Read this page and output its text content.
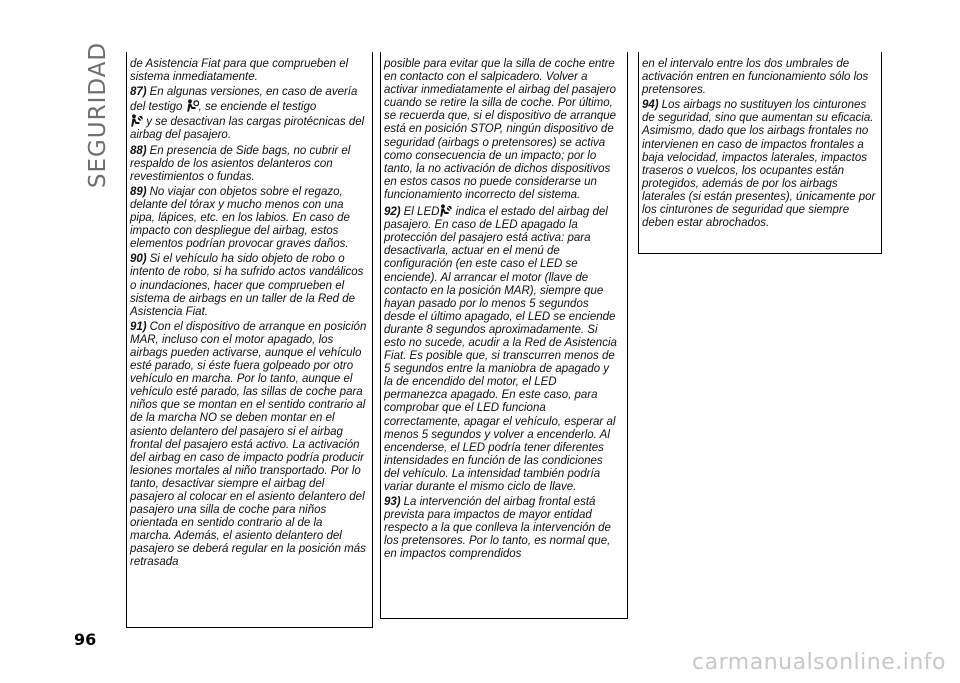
SEGURIDAD
96

de Asistencia Fiat para que comprueben el sistema inmediatamente.

87) En algunas versiones, en caso de avería del testigo , se enciende el testigo
y se desactivan las cargas pirotécnicas del airbag del pasajero.

88) En presencia de Side bags, no cubrir el respaldo de los asientos delanteros con revestimientos o fundas.

89) No viajar con objetos sobre el regazo, delante del tórax y mucho menos con una pipa, lápices, etc. en los labios. En caso de impacto con despliegue del airbag, estos elementos podrían provocar graves daños.

90) Si el vehículo ha sido objeto de robo o intento de robo, si ha sufrido actos vandálicos o inundaciones, hacer que comprueben el sistema de airbags en un taller de la Red de Asistencia Fiat.

91) Con el dispositivo de arranque en posición MAR, incluso con el motor apagado, los airbags pueden activarse, aunque el vehículo esté parado, si éste fuera golpeado por otro vehículo en marcha. Por lo tanto, aunque el vehículo esté parado, las sillas de coche para niños que se montan en el sentido contrario al de la marcha NO se deben montar en el asiento delantero del pasajero si el airbag frontal del pasajero está activo. La activación del airbag en caso de impacto podría producir lesiones mortales al niño transportado. Por lo tanto, desactivar siempre el airbag del pasajero al colocar en el asiento delantero del pasajero una silla de coche para niños orientada en sentido contrario al de la marcha. Además, el asiento delantero del pasajero se deberá regular en la posición más retrasada

posible para evitar que la silla de coche entre en contacto con el salpicadero. Volver a activar inmediatamente el airbag del pasajero cuando se retire la silla de coche. Por último, se recuerda que, si el dispositivo de arranque está en posición STOP, ningún dispositivo de seguridad (airbags o pretensores) se activa como consecuencia de un impacto; por lo tanto, la no activación de dichos dispositivos en estos casos no puede considerarse un funcionamiento incorrecto del sistema.

92) El LED indica el estado del airbag del pasajero. En caso de LED apagado la protección del pasajero está activa: para desactivarla, actuar en el menú de configuración (en este caso el LED se enciende). Al arrancar el motor (llave de contacto en la posición MAR), siempre que hayan pasado por lo menos 5 segundos desde el último apagado, el LED se enciende durante 8 segundos aproximadamente. Si esto no sucede, acudir a la Red de Asistencia Fiat. Es posible que, si transcurren menos de 5 segundos entre la maniobra de apagado y la de encendido del motor, el LED permanezca apagado. En este caso, para comprobar que el LED funciona correctamente, apagar el vehículo, esperar al menos 5 segundos y volver a encenderlo. Al encenderse, el LED podría tener diferentes intensidades en función de las condiciones del vehículo. La intensidad también podría variar durante el mismo ciclo de llave.

93) La intervención del airbag frontal está prevista para impactos de mayor entidad respecto a la que conlleva la intervención de los pretensores. Por lo tanto, es normal que, en impactos comprendidos

en el intervalo entre los dos umbrales de activación entren en funcionamiento sólo los pretensores.

94) Los airbags no sustituyen los cinturones de seguridad, sino que aumentan su eficacia. Asimismo, dado que los airbags frontales no intervienen en caso de impactos frontales a baja velocidad, impactos laterales, impactos traseros o vuelcos, los ocupantes están protegidos, además de por los airbags laterales (si están presentes), únicamente por los cinturones de seguridad que siempre deben estar abrochados.

carmanualsonline.info
